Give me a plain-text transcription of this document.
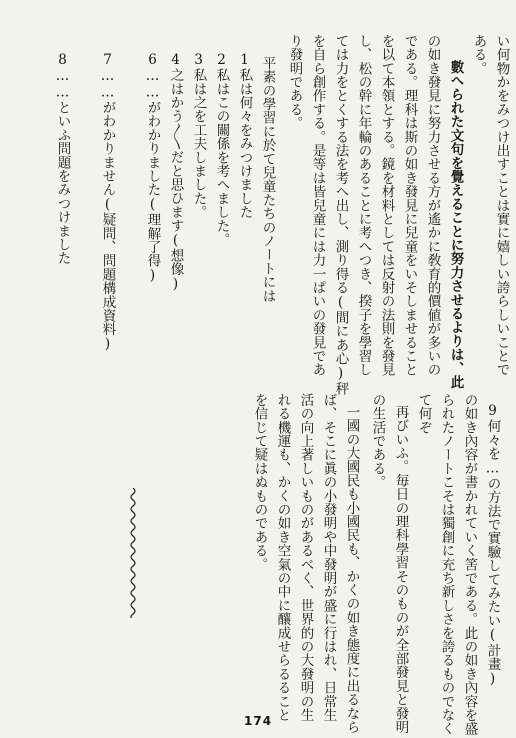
い何物かをみつけ出すことは實に嬉しい誇らしいことで
ある。
數へられた文句を覺えることに努力させるよりは、此
の如き發見に努力させる方が遙かに敎育的價値が多いの
である。理科は斯の如き發見に兒童をいそしませること
を以て本領とする。鏡を材料としては反射の法則を發見
し、松の幹に年輪のあることに考へつき、揆子を學習し
ては力をとくする法を考へ出し、測り得る(間にあ心)秤
を自ら創作する。是等は皆兒童には力一ぱいの發見であ
り發明である。
平素の學習に於て兒童たちのノートには
1私は何々をみつけました
2私はこの關係を考へました。
3私は之を工夫しました。
4之はかう〳〵だと思ひます(想像)
6……がわかりました(理解了得)
7……がわかりません(疑問、問題構成資料)
8……といふ問題をみつけました
9何々を…の方法で實驗してみたい(計畫)
の如き內容が書かれていく筈である。此の如き內容を盛
られたノートこそは獨創に充ち新しさを誇るものでなく
て何ぞ
再びいふ。毎日の理科學習そのものが全部發見と發明
の生活である。
一國の大國民も小國民も、かくの如き態度に出るなら
ば、そこに眞の小發明や中發明が盛に行はれ、日常生
活の向上著しいものがあるべく、世界的の大發明の生
れる機運も、かくの如き空氣の中に釀成せらるること
を信じて疑はぬものである。
174
